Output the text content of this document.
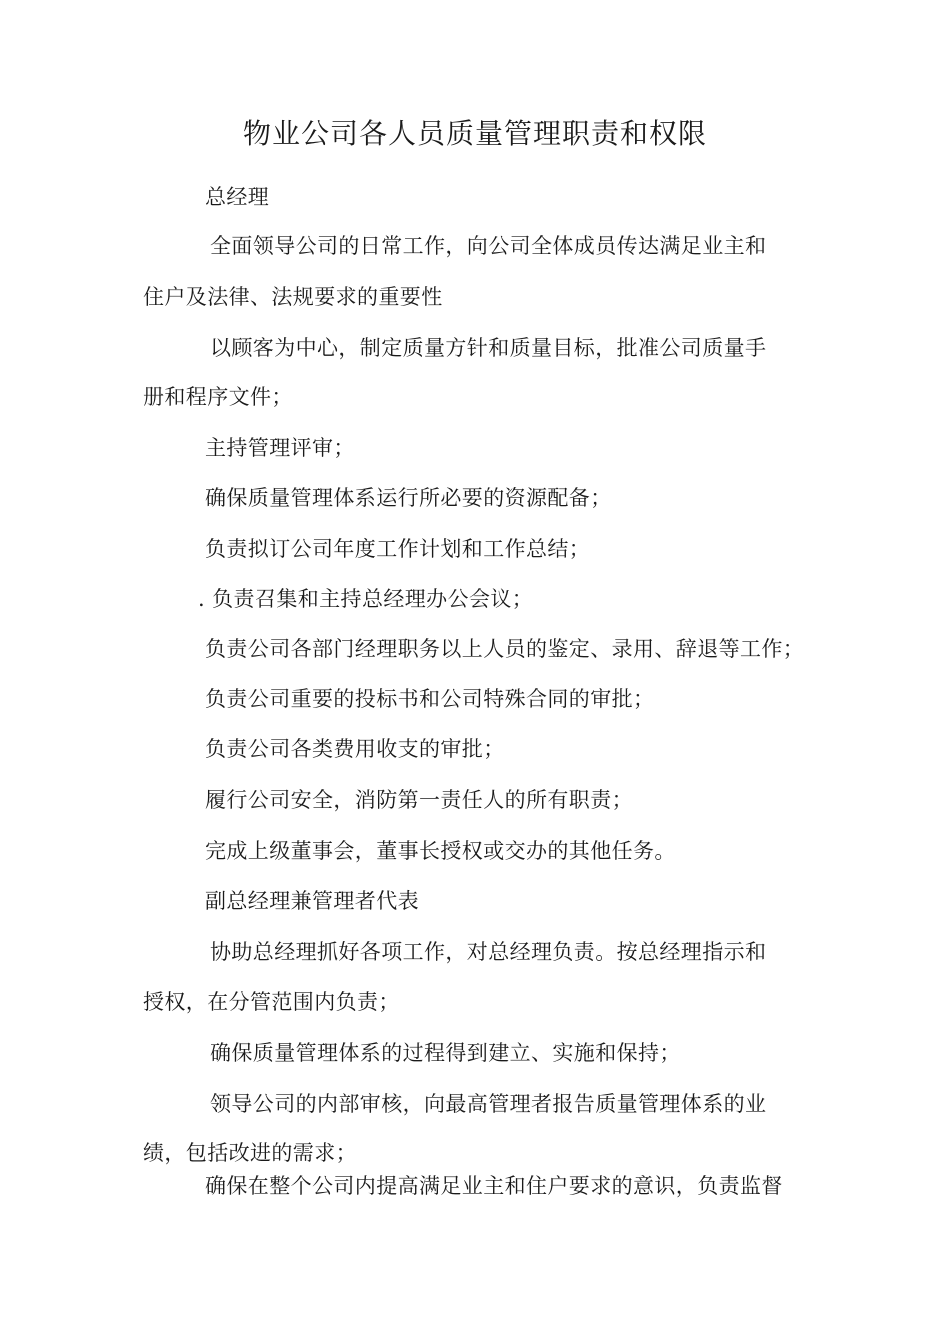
物业公司各人员质量管理职责和权限
总经理
全面领导公司的日常工作，向公司全体成员传达满足业主和
住户及法律、法规要求的重要性
以顾客为中心，制定质量方针和质量目标，批准公司质量手
册和程序文件；
主持管理评审；
确保质量管理体系运行所必要的资源配备；
负责拟订公司年度工作计划和工作总结；
. 负责召集和主持总经理办公会议；
负责公司各部门经理职务以上人员的鉴定、录用、辞退等工作；
负责公司重要的投标书和公司特殊合同的审批；
负责公司各类费用收支的审批；
履行公司安全，消防第一责任人的所有职责；
完成上级董事会，董事长授权或交办的其他任务。
副总经理兼管理者代表
协助总经理抓好各项工作，对总经理负责。按总经理指示和
授权，在分管范围内负责；
确保质量管理体系的过程得到建立、实施和保持；
领导公司的内部审核，向最高管理者报告质量管理体系的业
绩，包括改进的需求；
确保在整个公司内提高满足业主和住户要求的意识，负责监督
